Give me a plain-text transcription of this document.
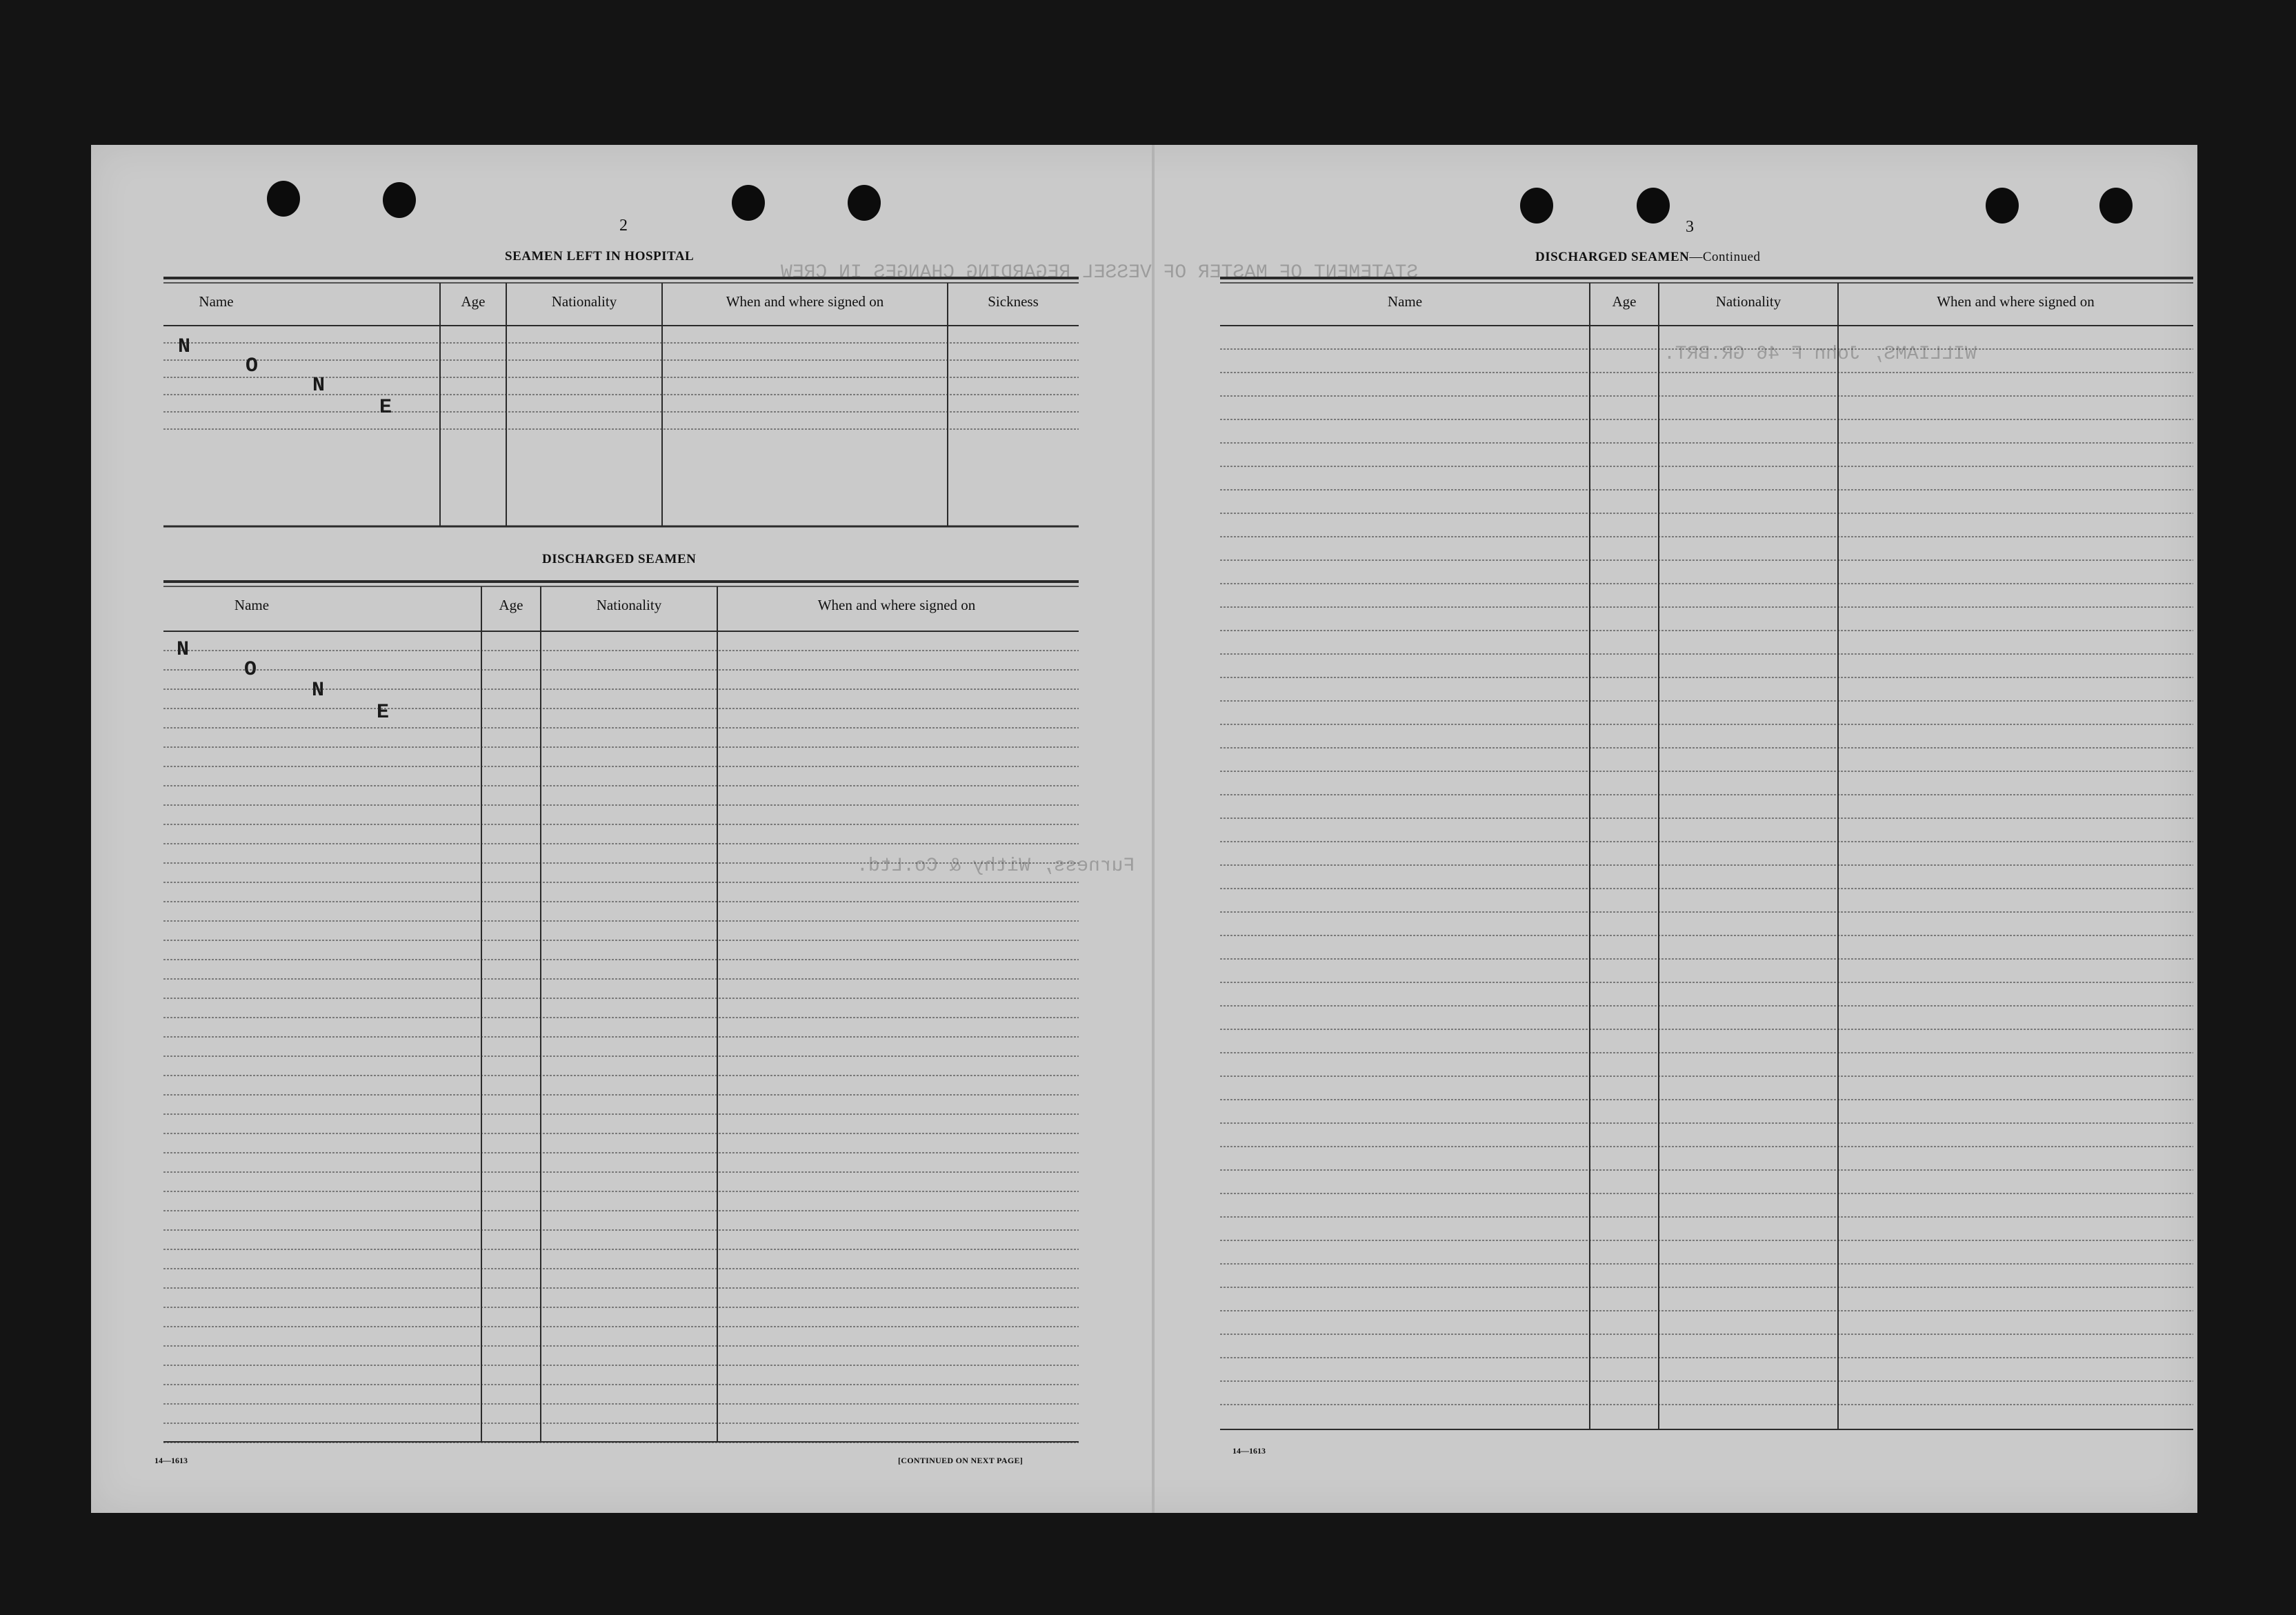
STATEMENT OF MASTER OF VESSEL REGARDING CHANGES IN CREW
Furness, Withy & Co.Ltd.
WILLIAMS, John F 46 GR.BRT.
2
SEAMEN LEFT IN HOSPITAL
Name	Age	Nationality	When and where signed on	Sickness
N
O
N
E
DISCHARGED SEAMEN
Name	Age	Nationality	When and where signed on
N
O
N
E
14—1613	[CONTINUED ON NEXT PAGE]
3
DISCHARGED SEAMEN—Continued
Name	Age	Nationality	When and where signed on
14—1613
